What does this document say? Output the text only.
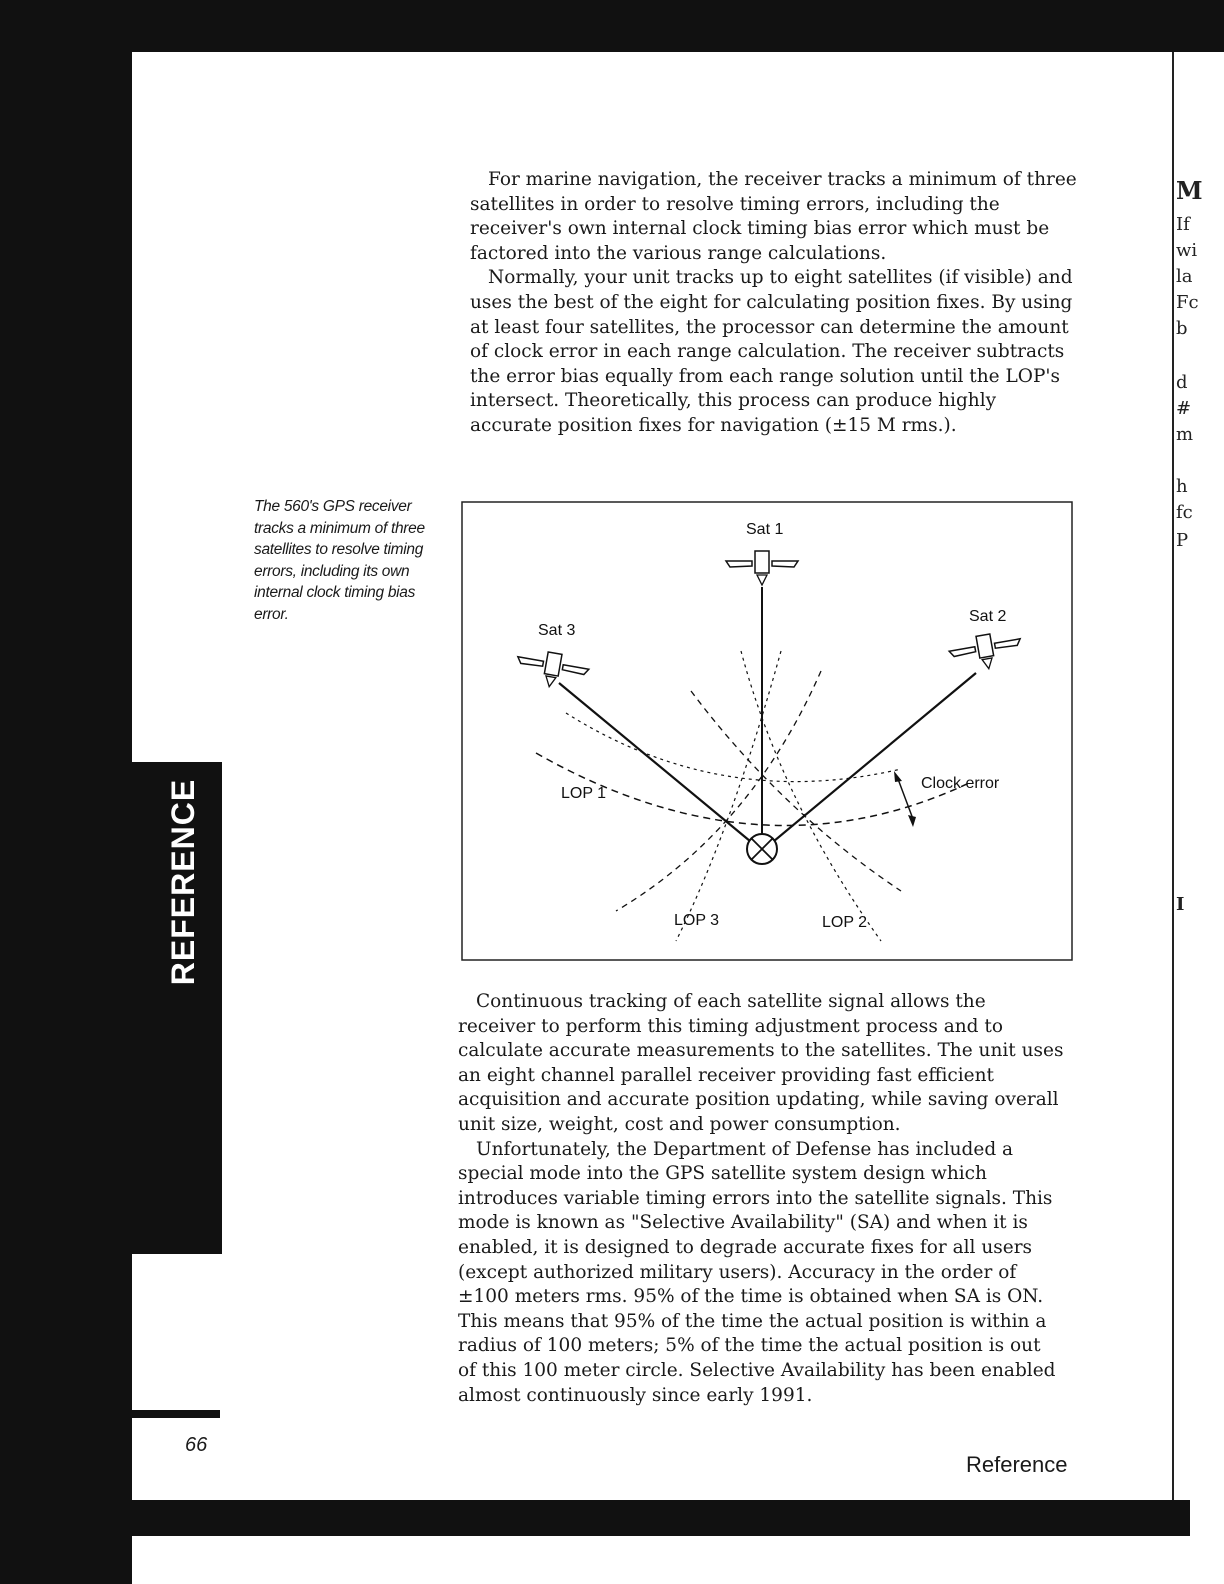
REFERENCE

For marine navigation, the receiver tracks a minimum of three satellites in order to resolve timing errors, including the receiver's own internal clock timing bias error which must be factored into the various range calculations.

Normally, your unit tracks up to eight satellites (if visible) and uses the best of the eight for calculating position fixes. By using at least four satellites, the processor can determine the amount of clock error in each range calculation. The receiver subtracts the error bias equally from each range solution until the LOP's intersect. Theoretically, this process can produce highly accurate position fixes for navigation (±15 M rms.).

The 560's GPS receiver tracks a minimum of three satellites to resolve timing errors, including its own internal clock timing bias error.
Sat 1
Sat 2
Sat 3
LOP 1
LOP 2
LOP 3
Clock error

Continuous tracking of each satellite signal allows the receiver to perform this timing adjustment process and to calculate accurate measurements to the satellites. The unit uses an eight channel parallel receiver providing fast efficient acquisition and accurate position updating, while saving overall unit size, weight, cost and power consumption.

Unfortunately, the Department of Defense has included a special mode into the GPS satellite system design which introduces variable timing errors into the satellite signals. This mode is known as "Selective Availability" (SA) and when it is enabled, it is designed to degrade accurate fixes for all users (except authorized military users). Accuracy in the order of ±100 meters rms. 95% of the time is obtained when SA is ON. This means that 95% of the time the actual position is within a radius of 100 meters; 5% of the time the actual position is out of this 100 meter circle. Selective Availability has been enabled almost continuously since early 1991.

66
Reference
M
If
wi
la
Fc
b
d
#
m
h
fc
P
I
